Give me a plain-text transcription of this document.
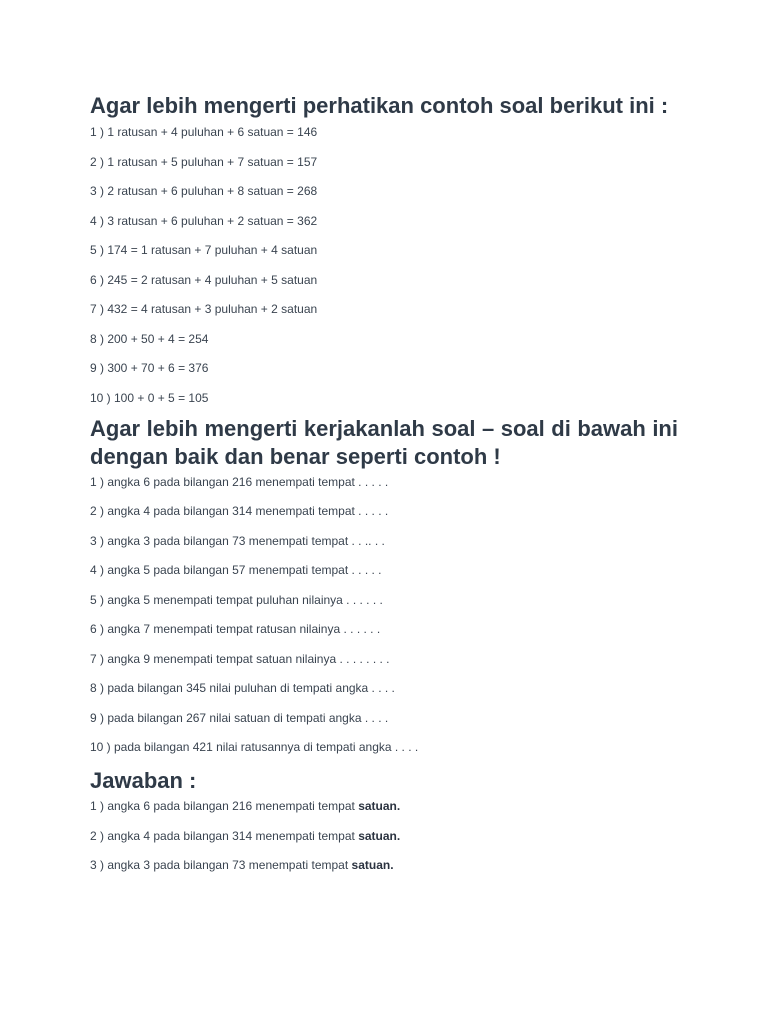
Agar lebih mengerti perhatikan contoh soal berikut ini :
1 ) 1 ratusan + 4 puluhan + 6 satuan = 146
2 ) 1 ratusan + 5 puluhan + 7 satuan = 157
3 ) 2 ratusan + 6 puluhan + 8 satuan = 268
4 ) 3 ratusan + 6 puluhan + 2 satuan = 362
5 ) 174 = 1 ratusan + 7 puluhan + 4 satuan
6 ) 245 = 2 ratusan + 4 puluhan + 5 satuan
7 ) 432 = 4 ratusan + 3 puluhan + 2 satuan
8 ) 200 + 50 + 4 = 254
9 ) 300 + 70 + 6 = 376
10 ) 100 + 0 + 5 = 105
Agar lebih mengerti kerjakanlah soal – soal di bawah ini dengan baik dan benar seperti contoh !
1 ) angka 6 pada bilangan 216 menempati tempat . . . . .
2 ) angka 4 pada bilangan 314 menempati tempat . . . . .
3 ) angka 3 pada bilangan 73 menempati tempat . . .. . .
4 ) angka 5 pada bilangan 57 menempati tempat . . . . .
5 ) angka 5 menempati tempat puluhan nilainya . . . . . .
6 ) angka 7 menempati tempat ratusan nilainya . . . . . .
7 ) angka 9 menempati tempat satuan nilainya . . . . . . . .
8 ) pada bilangan 345 nilai puluhan di tempati angka . . . .
9 ) pada bilangan 267 nilai satuan di tempati angka . . . .
10 ) pada bilangan 421 nilai ratusannya di tempati angka . . . .
Jawaban :
1 ) angka 6 pada bilangan 216 menempati tempat satuan.
2 ) angka 4 pada bilangan 314 menempati tempat satuan.
3 ) angka 3 pada bilangan 73 menempati tempat satuan.
